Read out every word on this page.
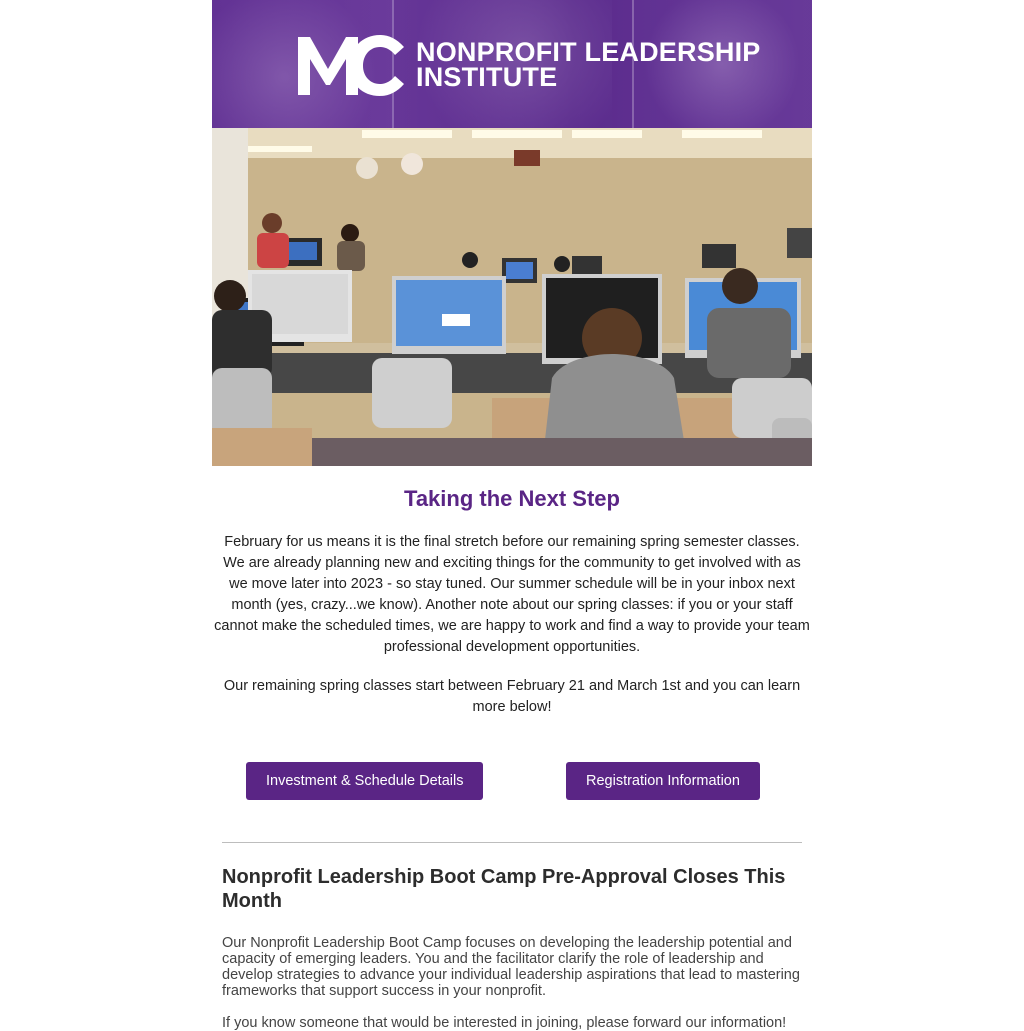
NONPROFIT LEADERSHIP
INSTITUTE
Taking the Next Step

February for us means it is the final stretch before our remaining spring semester classes. We are already planning new and exciting things for the community to get involved with as we move later into 2023 - so stay tuned. Our summer schedule will be in your inbox next month (yes, crazy...we know). Another note about our spring classes: if you or your staff cannot make the scheduled times, we are happy to work and find a way to provide your team professional development opportunities.

Our remaining spring classes start between February 21 and March 1st and you can learn more below!

Investment & Schedule Details	Registration Information
Nonprofit Leadership Boot Camp Pre-Approval Closes This Month

Our Nonprofit Leadership Boot Camp focuses on developing the leadership potential and capacity of emerging leaders. You and the facilitator clarify the role of leadership and develop strategies to advance your individual leadership aspirations that lead to mastering frameworks that support success in your nonprofit.

If you know someone that would be interested in joining, please forward our information!
